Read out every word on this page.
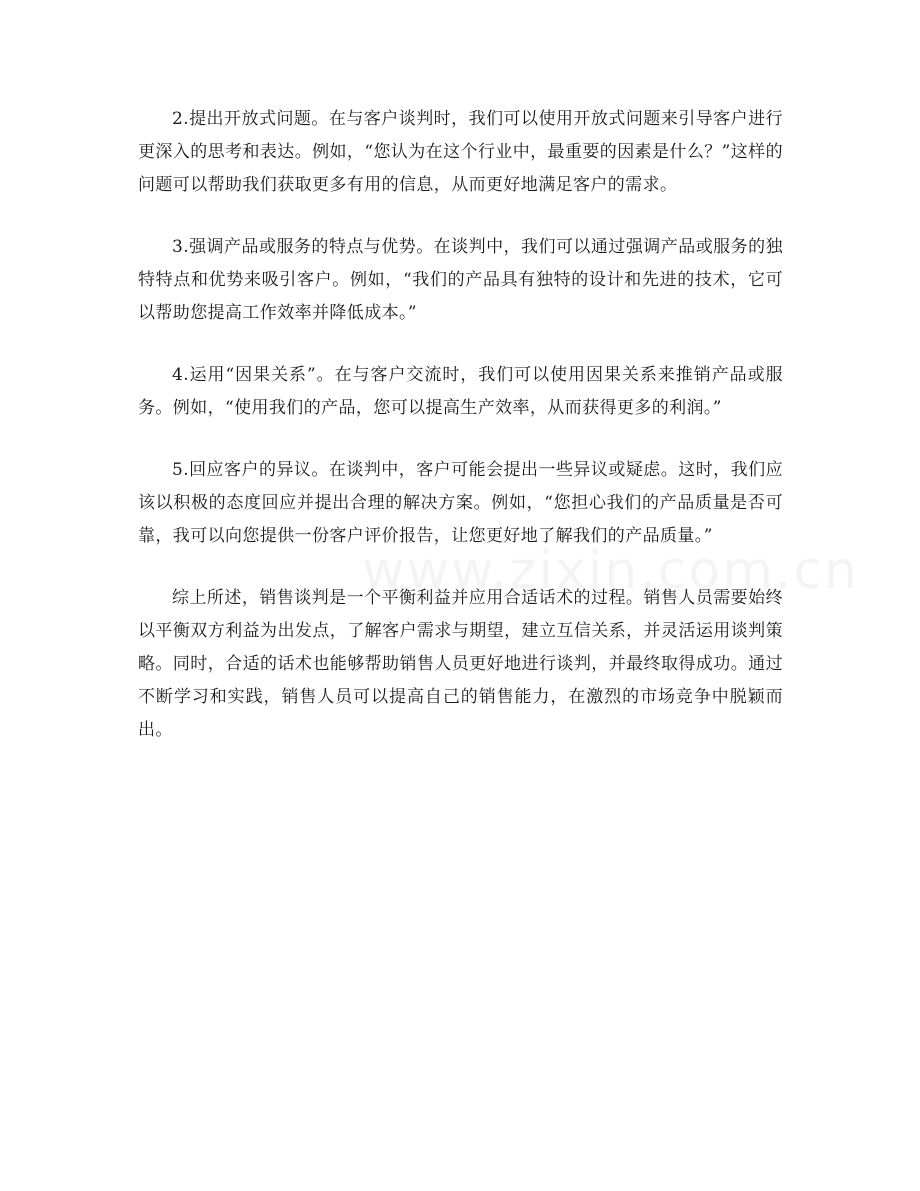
2.提出开放式问题。在与客户谈判时，我们可以使用开放式问题来引导客户进行更深入的思考和表达。例如，“您认为在这个行业中，最重要的因素是什么？”这样的问题可以帮助我们获取更多有用的信息，从而更好地满足客户的需求。

3.强调产品或服务的特点与优势。在谈判中，我们可以通过强调产品或服务的独特特点和优势来吸引客户。例如，“我们的产品具有独特的设计和先进的技术，它可以帮助您提高工作效率并降低成本。”

4.运用“因果关系”。在与客户交流时，我们可以使用因果关系来推销产品或服务。例如，“使用我们的产品，您可以提高生产效率，从而获得更多的利润。”

5.回应客户的异议。在谈判中，客户可能会提出一些异议或疑虑。这时，我们应该以积极的态度回应并提出合理的解决方案。例如，“您担心我们的产品质量是否可靠，我可以向您提供一份客户评价报告，让您更好地了解我们的产品质量。”

综上所述，销售谈判是一个平衡利益并应用合适话术的过程。销售人员需要始终以平衡双方利益为出发点，了解客户需求与期望，建立互信关系，并灵活运用谈判策略。同时，合适的话术也能够帮助销售人员更好地进行谈判，并最终取得成功。通过不断学习和实践，销售人员可以提高自己的销售能力，在激烈的市场竞争中脱颖而出。
